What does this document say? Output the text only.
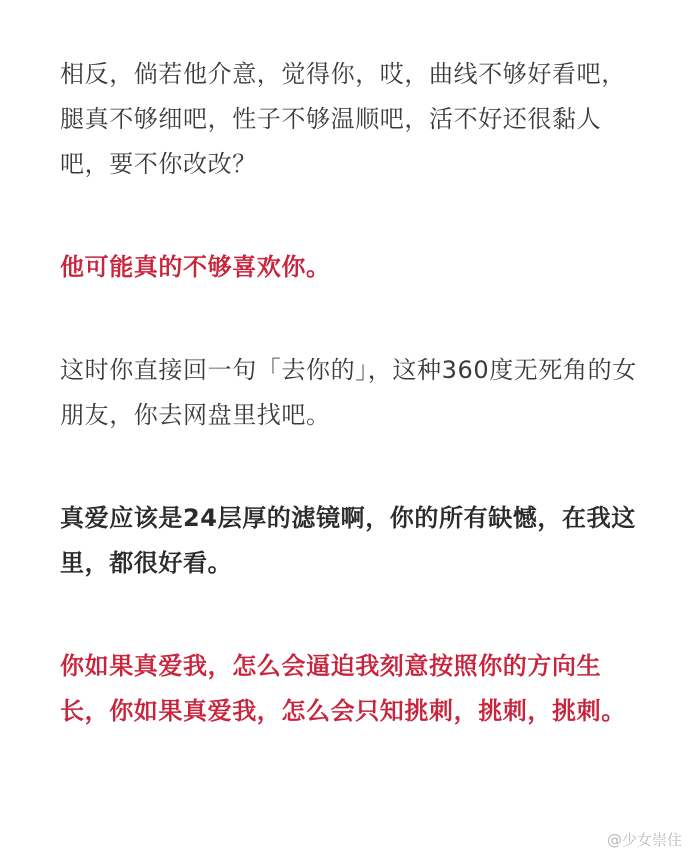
相反，倘若他介意，觉得你，哎，曲线不够好看吧，腿真不够细吧，性子不够温顺吧，活不好还很黏人吧，要不你改改？

他可能真的不够喜欢你。

这时你直接回一句「去你的」，这种360度无死角的女朋友，你去网盘里找吧。

真爱应该是24层厚的滤镜啊，你的所有缺憾，在我这里，都很好看。

你如果真爱我，怎么会逼迫我刻意按照你的方向生长，你如果真爱我，怎么会只知挑刺，挑刺，挑刺。

@少女崇住
